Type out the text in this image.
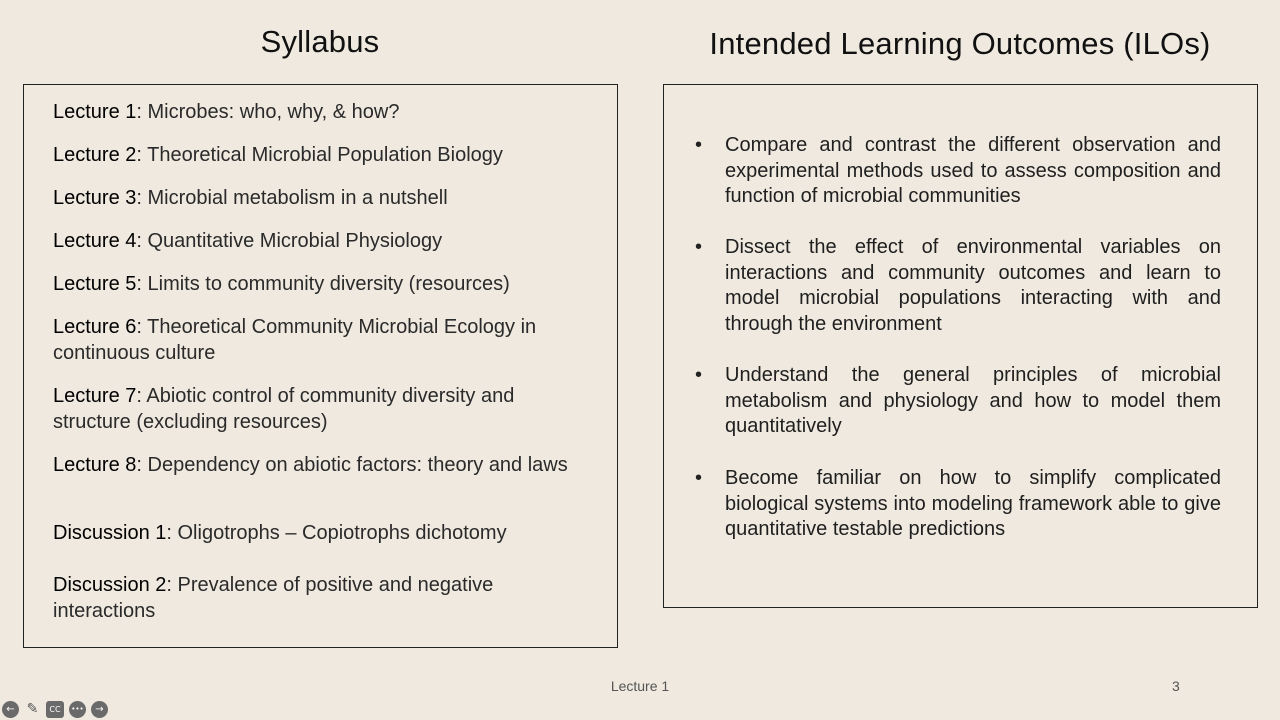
Syllabus	Intended Learning Outcomes (ILOs)
Lecture 1: Microbes: who, why, & how?
Lecture 2: Theoretical Microbial Population Biology
Lecture 3: Microbial metabolism in a nutshell
Lecture 4: Quantitative Microbial Physiology
Lecture 5: Limits to community diversity (resources)
Lecture 6: Theoretical Community Microbial Ecology in continuous culture
Lecture 7: Abiotic control of community diversity and structure (excluding resources)
Lecture 8: Dependency on abiotic factors: theory and laws
Discussion 1: Oligotrophs – Copiotrophs dichotomy
Discussion 2: Prevalence of positive and negative interactions
• Compare and contrast the different observation and experimental methods used to assess composition and function of microbial communities
• Dissect the effect of environmental variables on interactions and community outcomes and learn to model microbial populations interacting with and through the environment
• Understand the general principles of microbial metabolism and physiology and how to model them quantitatively
• Become familiar on how to simplify complicated biological systems into modeling framework able to give quantitative testable predictions
Lecture 1	3
← ✎	CC	•••	→
